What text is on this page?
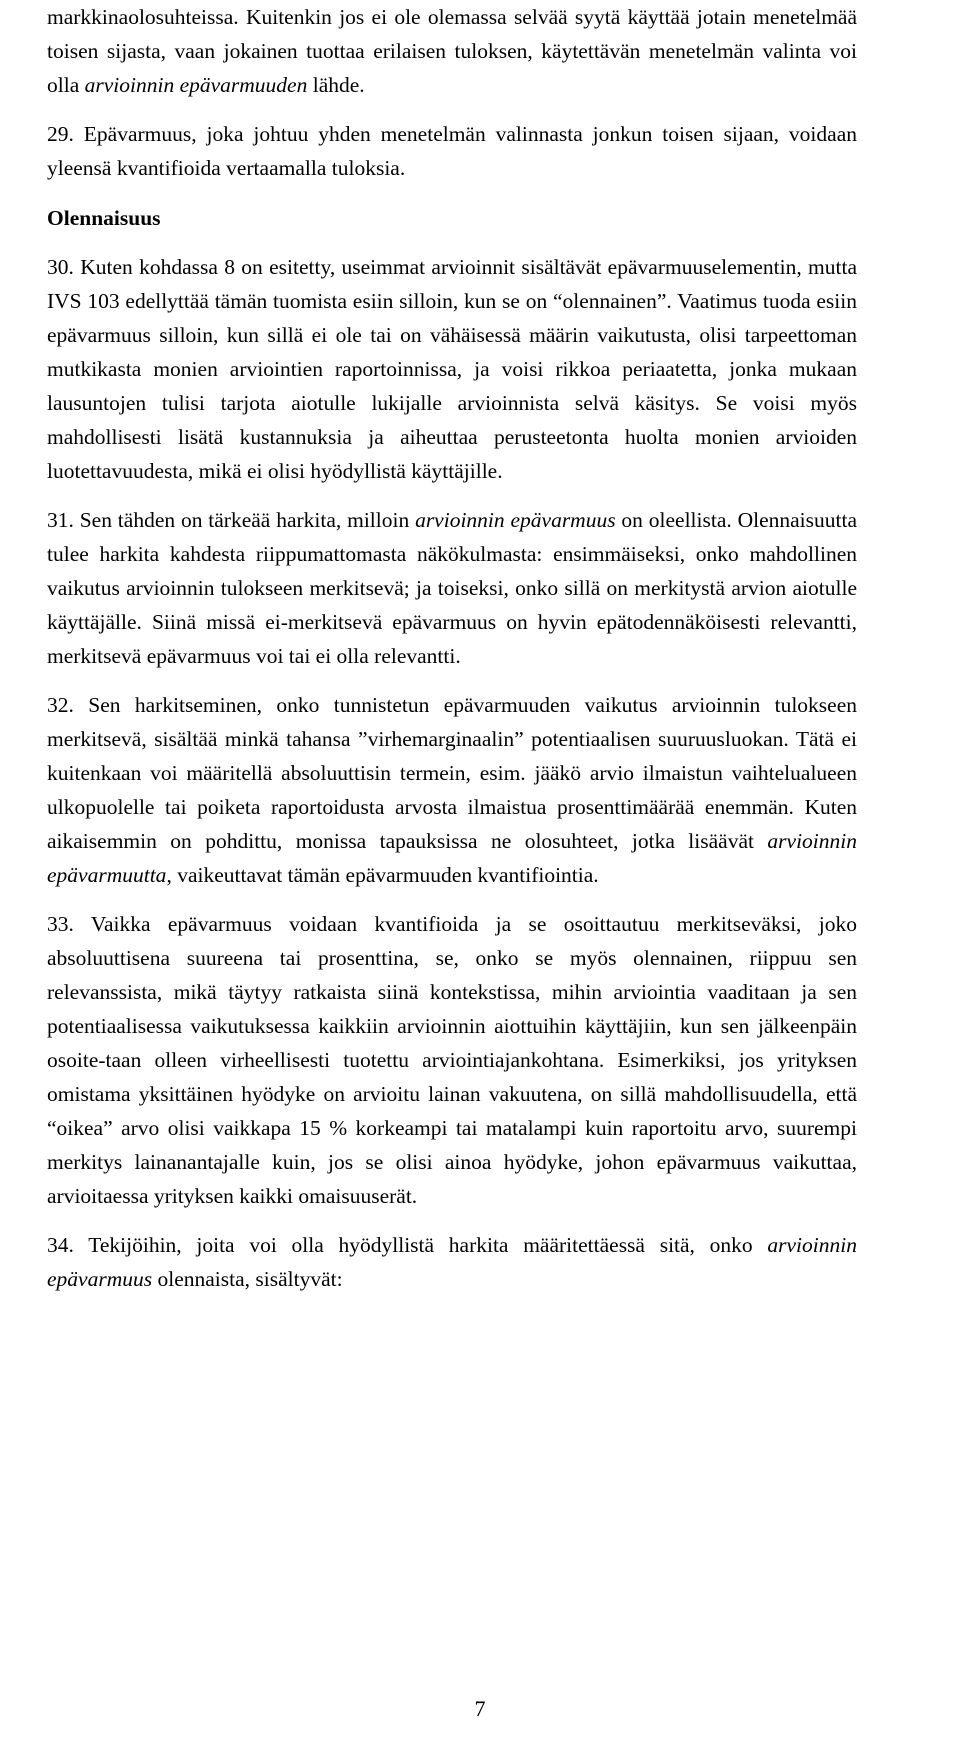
markkinaolosuhteissa. Kuitenkin jos ei ole olemassa selvää syytä käyttää jotain menetelmää toisen sijasta, vaan jokainen tuottaa erilaisen tuloksen, käytettävän menetelmän valinta voi olla arvioinnin epävarmuuden lähde.

29. Epävarmuus, joka johtuu yhden menetelmän valinnasta jonkun toisen sijaan, voidaan yleensä kvantifioida vertaamalla tuloksia.

Olennaisuus

30. Kuten kohdassa 8 on esitetty, useimmat arvioinnit sisältävät epävarmuuselementin, mutta IVS 103 edellyttää tämän tuomista esiin silloin, kun se on “olennainen”. Vaatimus tuoda esiin epävarmuus silloin, kun sillä ei ole tai on vähäisessä määrin vaikutusta, olisi tarpeettoman mutkikasta monien arviointien raportoinnissa, ja voisi rikkoa periaatetta, jonka mukaan lausuntojen tulisi tarjota aiotulle lukijalle arvioinnista selvä käsitys. Se voisi myös mahdollisesti lisätä kustannuksia ja aiheuttaa perusteetonta huolta monien arvioiden luotettavuudesta, mikä ei olisi hyödyllistä käyttäjille.

31. Sen tähden on tärkeää harkita, milloin arvioinnin epävarmuus on oleellista. Olennaisuutta tulee harkita kahdesta riippumattomasta näkökulmasta: ensimmäiseksi, onko mahdollinen vaikutus arvioinnin tulokseen merkitsevä; ja toiseksi, onko sillä on merkitystä arvion aiotulle käyttäjälle. Siinä missä ei-merkitsevä epävarmuus on hyvin epätodennäköisesti relevantti, merkitsevä epävarmuus voi tai ei olla relevantti.

32. Sen harkitseminen, onko tunnistetun epävarmuuden vaikutus arvioinnin tulokseen merkitsevä, sisältää minkä tahansa ”virhemarginaalin” potentiaalisen suuruusluokan. Tätä ei kuitenkaan voi määritellä absoluuttisin termein, esim. jääkö arvio ilmaistun vaihtelualueen ulkopuolelle tai poiketa raportoidusta arvosta ilmaistua prosenttimäärää enemmän. Kuten aikaisemmin on pohdittu, monissa tapauksissa ne olosuhteet, jotka lisäävät arvioinnin epävarmuutta, vaikeuttavat tämän epävarmuuden kvantifiointia.

33. Vaikka epävarmuus voidaan kvantifioida ja se osoittautuu merkitseväksi, joko absoluuttisena suureena tai prosenttina, se, onko se myös olennainen, riippuu sen relevanssista, mikä täytyy ratkaista siinä kontekstissa, mihin arviointia vaaditaan ja sen potentiaalisessa vaikutuksessa kaikkiin arvioinnin aiottuihin käyttäjiin, kun sen jälkeenpäin osoite-taan olleen virheellisesti tuotettu arviointiajankohtana. Esimerkiksi, jos yrityksen omistama yksittäinen hyödyke on arvioitu lainan vakuutena, on sillä mahdollisuudella, että “oikea” arvo olisi vaikkapa 15 % korkeampi tai matalampi kuin raportoitu arvo, suurempi merkitys lainanantajalle kuin, jos se olisi ainoa hyödyke, johon epävarmuus vaikuttaa, arvioitaessa yrityksen kaikki omaisuuserät.

34. Tekijöihin, joita voi olla hyödyllistä harkita määritettäessä sitä, onko arvioinnin epävarmuus olennaista, sisältyvät:

7
